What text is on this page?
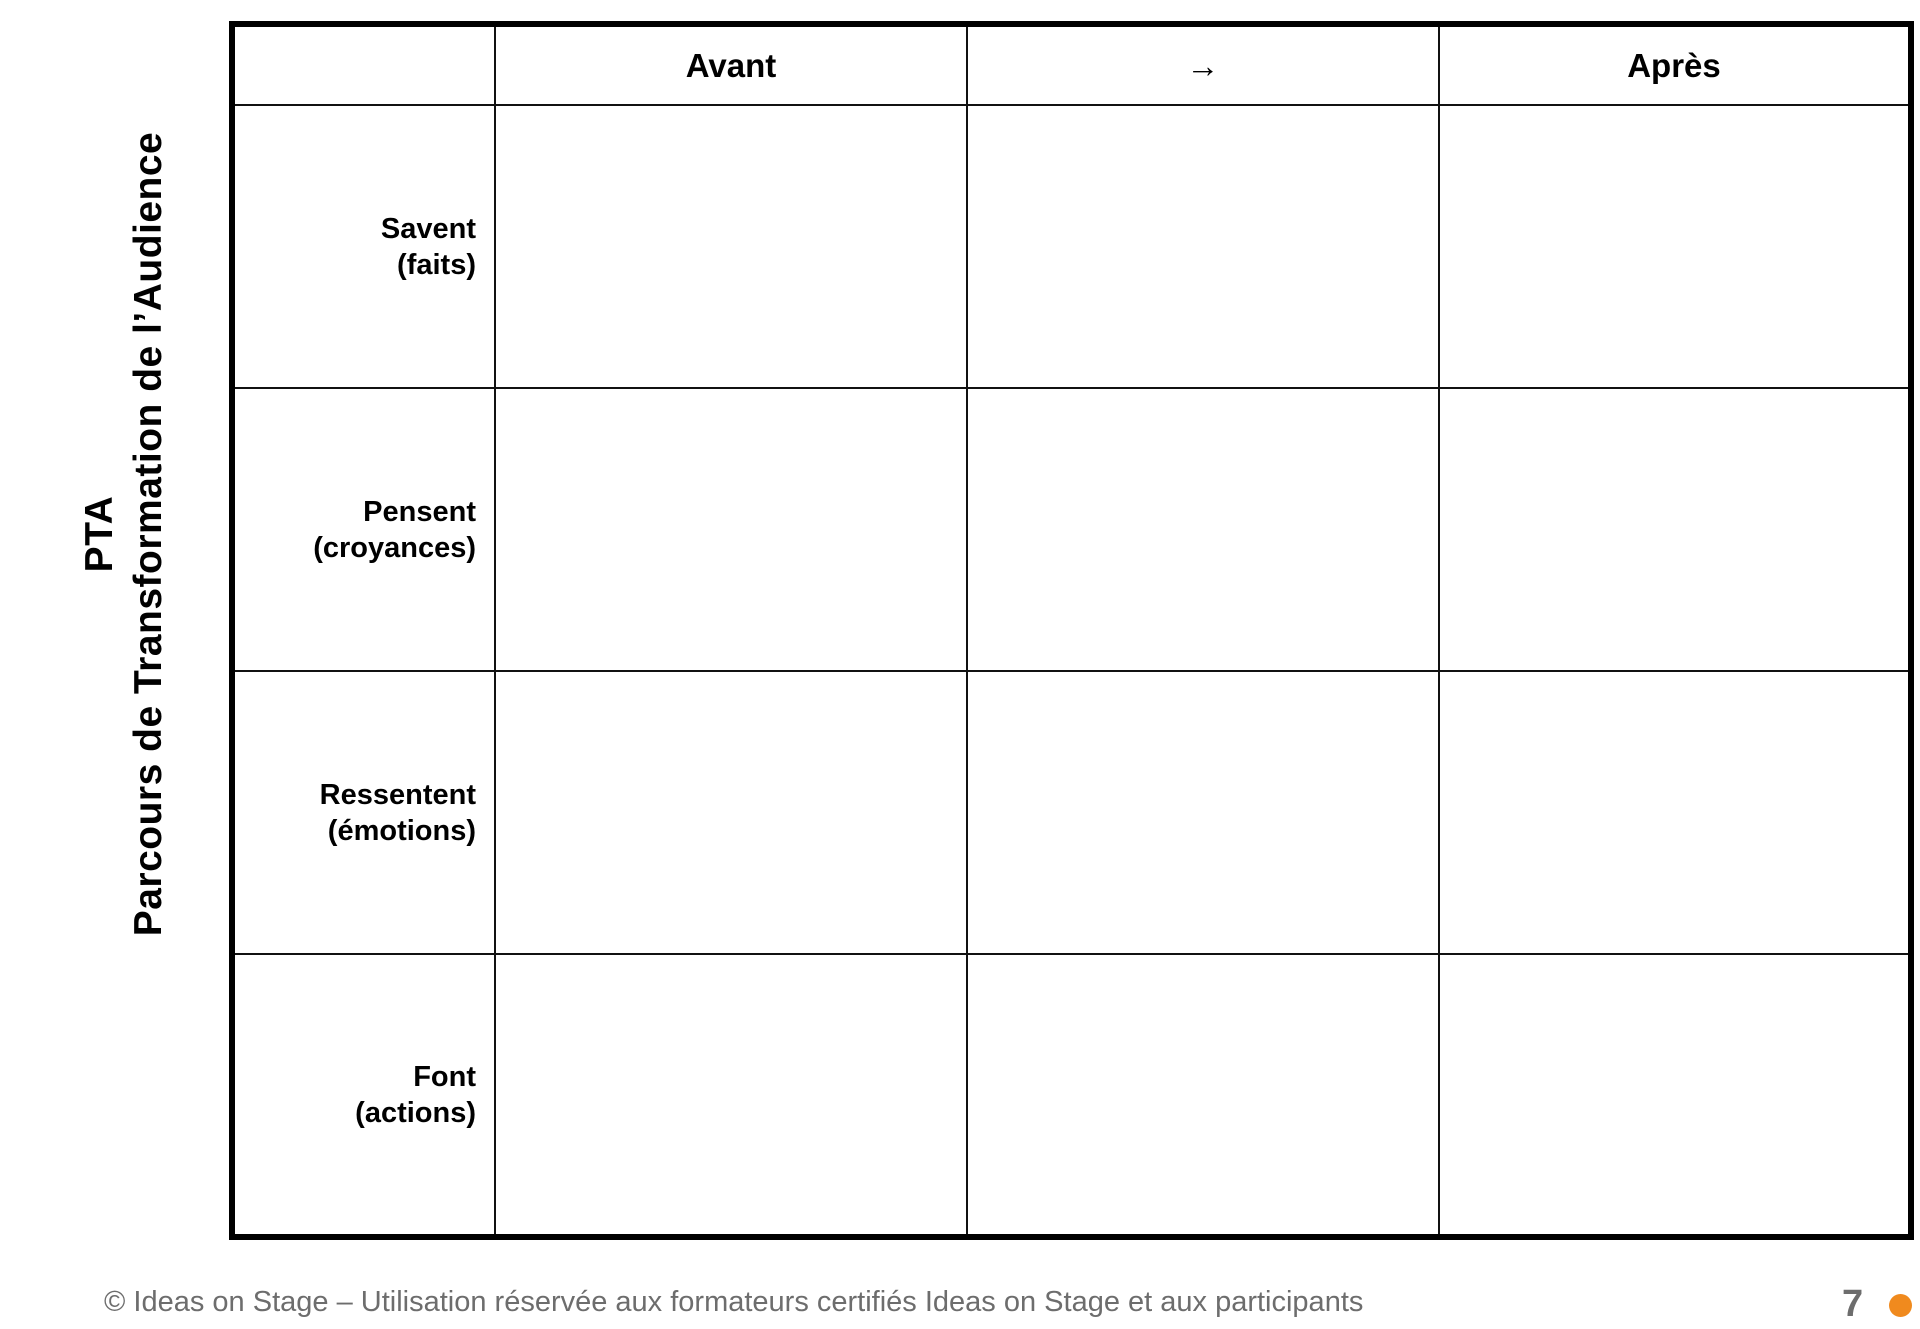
PTA Parcours de Transformation de l’Audience
	Avant	→	Après

Savent
(faits)			

Pensent
(croyances)			

Ressentent
(émotions)			

Font
(actions)			

© Ideas on Stage – Utilisation réservée aux formateurs certifiés Ideas on Stage et aux participants	7
